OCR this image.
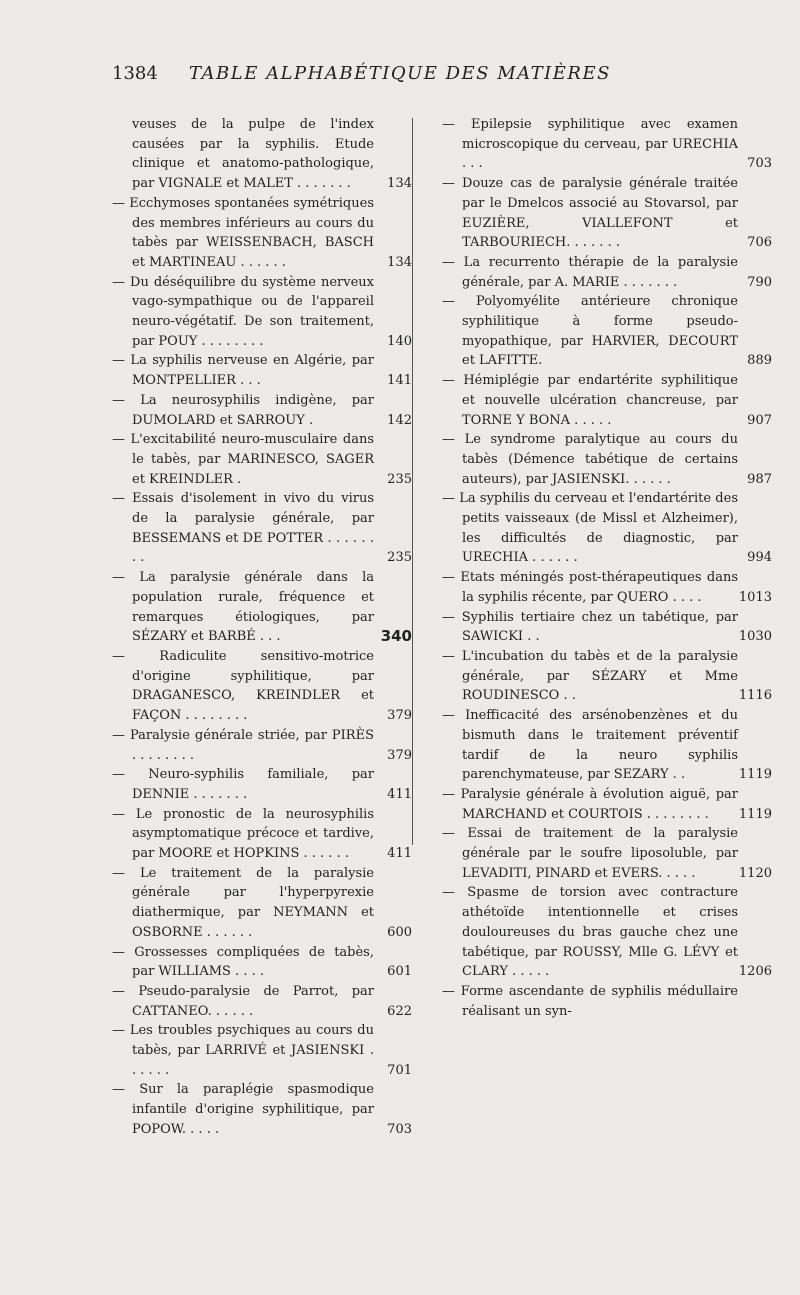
1384	TABLE ALPHABÉTIQUE DES MATIÈRES
veuses de la pulpe de l'index causées par la syphilis. Etude clinique et anatomo-pathologique, par VIGNALE et MALET . . . . . . .	134
— Ecchymoses spontanées symétriques des membres inférieurs au cours du tabès par WEISSENBACH, BASCH et MARTINEAU . . . . . .	134
— Du déséquilibre du système nerveux vago-sympathique ou de l'appareil neuro-végétatif. De son traitement, par POUY . . . . . . . .	140
— La syphilis nerveuse en Algérie, par MONTPELLIER . . .	141
— La neurosyphilis indigène, par DUMOLARD et SARROUY .	142
— L'excitabilité neuro-musculaire dans le tabès, par MARINESCO, SAGER et KREINDLER .	235
— Essais d'isolement in vivo du virus de la paralysie générale, par BESSEMANS et DE POTTER . . . . . . . .	235
— La paralysie générale dans la population rurale, fréquence et remarques étiologiques, par SÉZARY et BARBÉ . . .	340
— Radiculite sensitivo-motrice d'origine syphilitique, par DRAGANESCO, KREINDLER et FAÇON . . . . . . . .	379
— Paralysie générale striée, par PIRÈS . . . . . . . .	379
— Neuro-syphilis familiale, par DENNIE . . . . . . .	411
— Le pronostic de la neurosyphilis asymptomatique précoce et tardive, par MOORE et HOPKINS . . . . . .	411
— Le traitement de la paralysie générale par l'hyperpyrexie diathermique, par NEYMANN et OSBORNE . . . . . .	600
— Grossesses compliquées de tabès, par WILLIAMS . . . .	601
— Pseudo-paralysie de Parrot, par CATTANEO. . . . . .	622
— Les troubles psychiques au cours du tabès, par LARRIVÉ et JASIENSKI . . . . . .	701
— Sur la paraplégie spasmodique infantile d'origine syphilitique, par POPOW. . . . .	703
— Epilepsie syphilitique avec examen microscopique du cerveau, par URECHIA . . .	703
— Douze cas de paralysie générale traitée par le Dmelcos associé au Stovarsol, par EUZIÈRE, VIALLEFONT et TARBOURIECH. . . . . . .	706
— La recurrento thérapie de la paralysie générale, par A. MARIE . . . . . . .	790
— Polyomyélite antérieure chronique syphilitique à forme pseudo-myopathique, par HARVIER, DECOURT et LAFITTE.	889
— Hémiplégie par endartérite syphilitique et nouvelle ulcération chancreuse, par TORNE Y BONA . . . . .	907
— Le syndrome paralytique au cours du tabès (Démence tabétique de certains auteurs), par JASIENSKI. . . . . .	987
— La syphilis du cerveau et l'endartérite des petits vaisseaux (de Missl et Alzheimer), les difficultés de diagnostic, par URECHIA . . . . . .	994
— Etats méningés post-thérapeutiques dans la syphilis récente, par QUERO . . . .	1013
— Syphilis tertiaire chez un tabétique, par SAWICKI . .	1030
— L'incubation du tabès et de la paralysie générale, par SÉZARY et Mme ROUDINESCO . .	1116
— Inefficacité des arsénobenzènes et du bismuth dans le traitement préventif tardif de la neuro syphilis parenchymateuse, par SEZARY . .	1119
— Paralysie générale à évolution aiguë, par MARCHAND et COURTOIS . . . . . . . . 1119
— Essai de traitement de la paralysie générale par le soufre liposoluble, par LEVADITI, PINARD et EVERS. . . . .	1120
— Spasme de torsion avec contracture athétoïde intentionnelle et crises douloureuses du bras gauche chez une tabétique, par ROUSSY, Mlle G. LÉVY et CLARY . . . . .	1206
— Forme ascendante de syphilis médullaire réalisant un syn-
